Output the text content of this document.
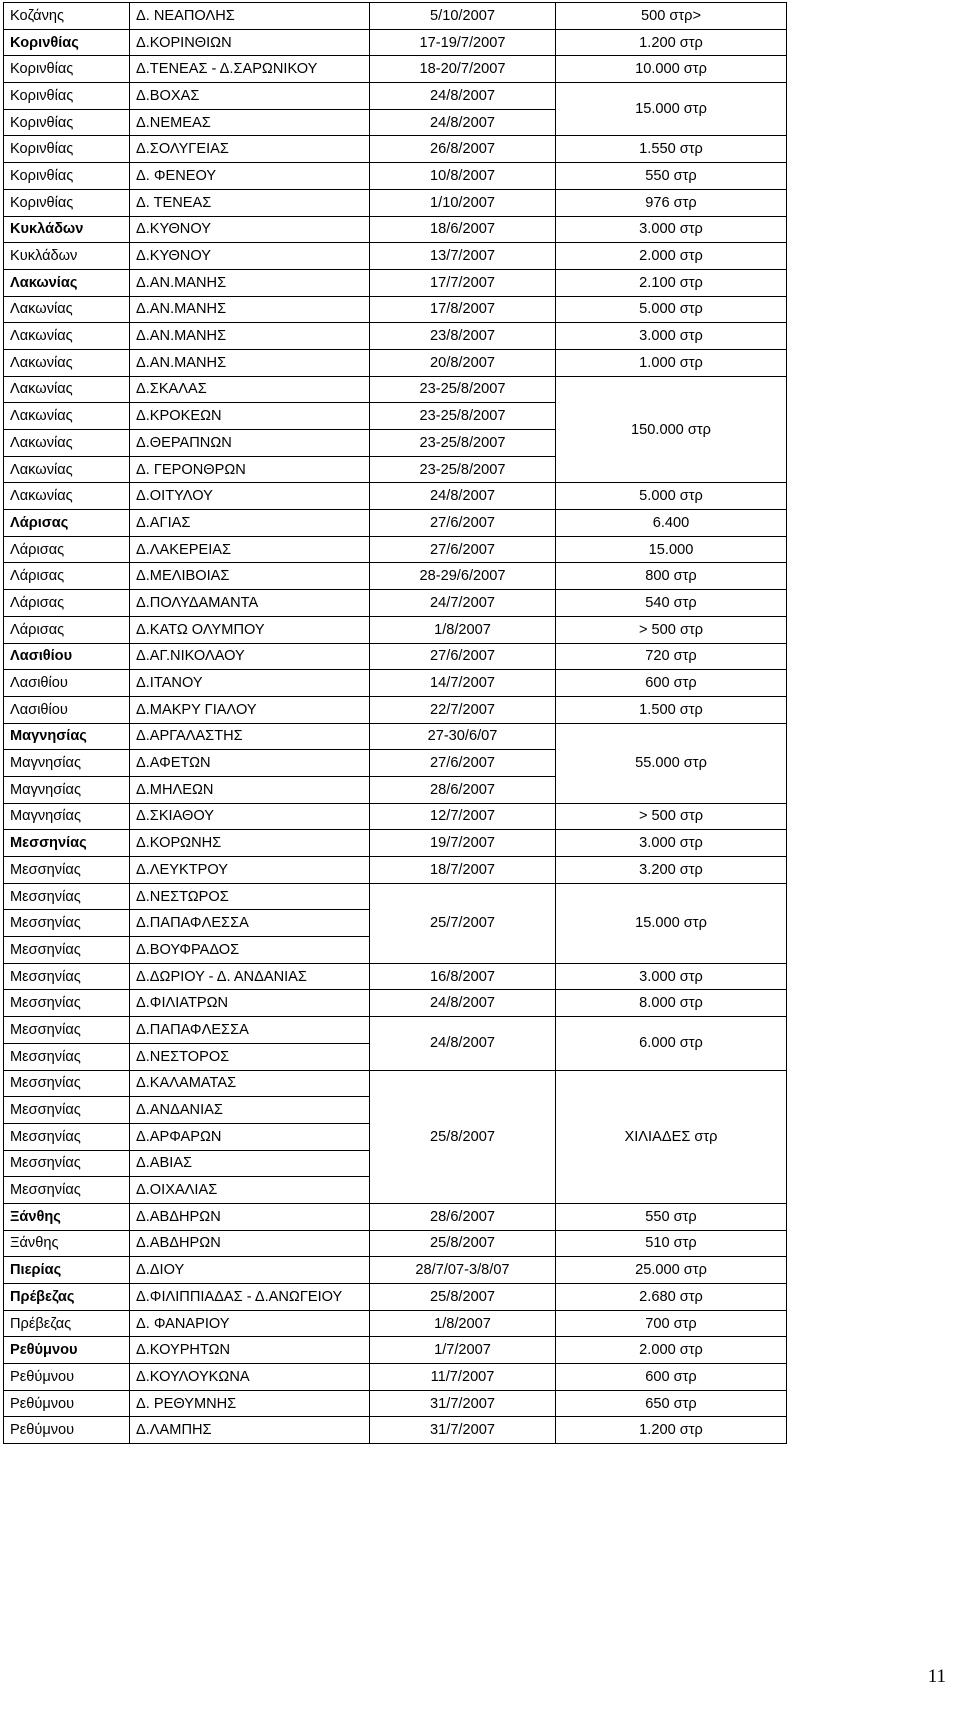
Κοζάνης	Δ. ΝΕΑΠΟΛΗΣ	5/10/2007	500 στρ>
Κορινθίας	Δ.ΚΟΡΙΝΘΙΩΝ	17-19/7/2007	1.200 στρ
Κορινθίας	Δ.ΤΕΝΕΑΣ - Δ.ΣΑΡΩΝΙΚΟΥ	18-20/7/2007	10.000 στρ
Κορινθίας	Δ.ΒΟΧΑΣ	24/8/2007	15.000 στρ
Κορινθίας	Δ.ΝΕΜΕΑΣ	24/8/2007	
Κορινθίας	Δ.ΣΟΛΥΓΕΙΑΣ	26/8/2007	1.550 στρ
Κορινθίας	Δ. ΦΕΝΕΟΥ	10/8/2007	550 στρ
Κορινθίας	Δ. ΤΕΝΕΑΣ	1/10/2007	976 στρ
Κυκλάδων	Δ.ΚΥΘΝΟΥ	18/6/2007	3.000 στρ
Κυκλάδων	Δ.ΚΥΘΝΟΥ	13/7/2007	2.000 στρ
Λακωνίας	Δ.ΑΝ.ΜΑΝΗΣ	17/7/2007	2.100 στρ
Λακωνίας	Δ.ΑΝ.ΜΑΝΗΣ	17/8/2007	5.000 στρ
Λακωνίας	Δ.ΑΝ.ΜΑΝΗΣ	23/8/2007	3.000 στρ
Λακωνίας	Δ.ΑΝ.ΜΑΝΗΣ	20/8/2007	1.000 στρ
Λακωνίας	Δ.ΣΚΑΛΑΣ	23-25/8/2007	150.000 στρ
Λακωνίας	Δ.ΚΡΟΚΕΩΝ	23-25/8/2007	
Λακωνίας	Δ.ΘΕΡΑΠΝΩΝ	23-25/8/2007	
Λακωνίας	Δ. ΓΕΡΟΝΘΡΩΝ	23-25/8/2007	
Λακωνίας	Δ.ΟΙΤΥΛΟΥ	24/8/2007	5.000 στρ
Λάρισας	Δ.ΑΓΙΑΣ	27/6/2007	6.400
Λάρισας	Δ.ΛΑΚΕΡΕΙΑΣ	27/6/2007	15.000
Λάρισας	Δ.ΜΕΛΙΒΟΙΑΣ	28-29/6/2007	800 στρ
Λάρισας	Δ.ΠΟΛΥΔΑΜΑΝΤΑ	24/7/2007	540 στρ
Λάρισας	Δ.ΚΑΤΩ ΟΛΥΜΠΟΥ	1/8/2007	> 500 στρ
Λασιθίου	Δ.ΑΓ.ΝΙΚΟΛΑΟΥ	27/6/2007	720 στρ
Λασιθίου	Δ.ΙΤΑΝΟΥ	14/7/2007	600 στρ
Λασιθίου	Δ.ΜΑΚΡΥ ΓΙΑΛΟΥ	22/7/2007	1.500 στρ
Μαγνησίας	Δ.ΑΡΓΑΛΑΣΤΗΣ	27-30/6/07	55.000 στρ
Μαγνησίας	Δ.ΑΦΕΤΩΝ	27/6/2007	
Μαγνησίας	Δ.ΜΗΛΕΩΝ	28/6/2007	
Μαγνησίας	Δ.ΣΚΙΑΘΟΥ	12/7/2007	> 500 στρ
Μεσσηνίας	Δ.ΚΟΡΩΝΗΣ	19/7/2007	3.000 στρ
Μεσσηνίας	Δ.ΛΕΥΚΤΡΟΥ	18/7/2007	3.200 στρ
Μεσσηνίας	Δ.ΝΕΣΤΩΡΟΣ	25/7/2007	15.000 στρ
Μεσσηνίας	Δ.ΠΑΠΑΦΛΕΣΣΑ		
Μεσσηνίας	Δ.ΒΟΥΦΡΑΔΟΣ		
Μεσσηνίας	Δ.ΔΩΡΙΟΥ - Δ. ΑΝΔΑΝΙΑΣ	16/8/2007	3.000 στρ
Μεσσηνίας	Δ.ΦΙΛΙΑΤΡΩΝ	24/8/2007	8.000 στρ
Μεσσηνίας	Δ.ΠΑΠΑΦΛΕΣΣΑ	24/8/2007	6.000 στρ
Μεσσηνίας	Δ.ΝΕΣΤΟΡΟΣ		
Μεσσηνίας	Δ.ΚΑΛΑΜΑΤΑΣ	25/8/2007	ΧΙΛΙΑΔΕΣ στρ
Μεσσηνίας	Δ.ΑΝΔΑΝΙΑΣ		
Μεσσηνίας	Δ.ΑΡΦΑΡΩΝ		
Μεσσηνίας	Δ.ΑΒΙΑΣ		
Μεσσηνίας	Δ.ΟΙΧΑΛΙΑΣ		
Ξάνθης	Δ.ΑΒΔΗΡΩΝ	28/6/2007	550 στρ
Ξάνθης	Δ.ΑΒΔΗΡΩΝ	25/8/2007	510 στρ
Πιερίας	Δ.ΔΙΟΥ	28/7/07-3/8/07	25.000 στρ
Πρέβεζας	Δ.ΦΙΛΙΠΠΙΑΔΑΣ - Δ.ΑΝΩΓΕΙΟΥ	25/8/2007	2.680 στρ
Πρέβεζας	Δ. ΦΑΝΑΡΙΟΥ	1/8/2007	700 στρ
Ρεθύμνου	Δ.ΚΟΥΡΗΤΩΝ	1/7/2007	2.000 στρ
Ρεθύμνου	Δ.ΚΟΥΛΟΥΚΩΝΑ	11/7/2007	600 στρ
Ρεθύμνου	Δ. ΡΕΘΥΜΝΗΣ	31/7/2007	650 στρ
Ρεθύμνου	Δ.ΛΑΜΠΗΣ	31/7/2007	1.200 στρ
11
